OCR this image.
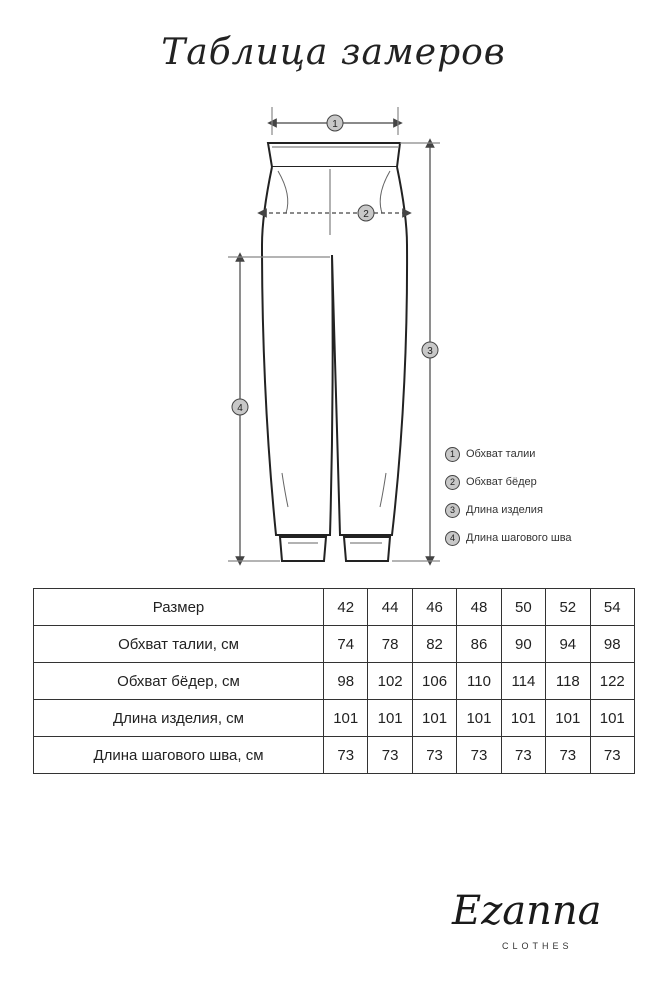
Таблица замеров
1
2
3
4
1	Обхват талии
2	Обхват бёдер
3	Длина изделия
4	Длина шагового шва
Размер	42	44	46	48	50	52	54
Обхват талии, см	74	78	82	86	90	94	98
Обхват бёдер, см	98	102	106	110	114	118	122
Длина изделия, см	101	101	101	101	101	101	101
Длина шагового шва, см	73	73	73	73	73	73	73
Ezanna
CLOTHES
